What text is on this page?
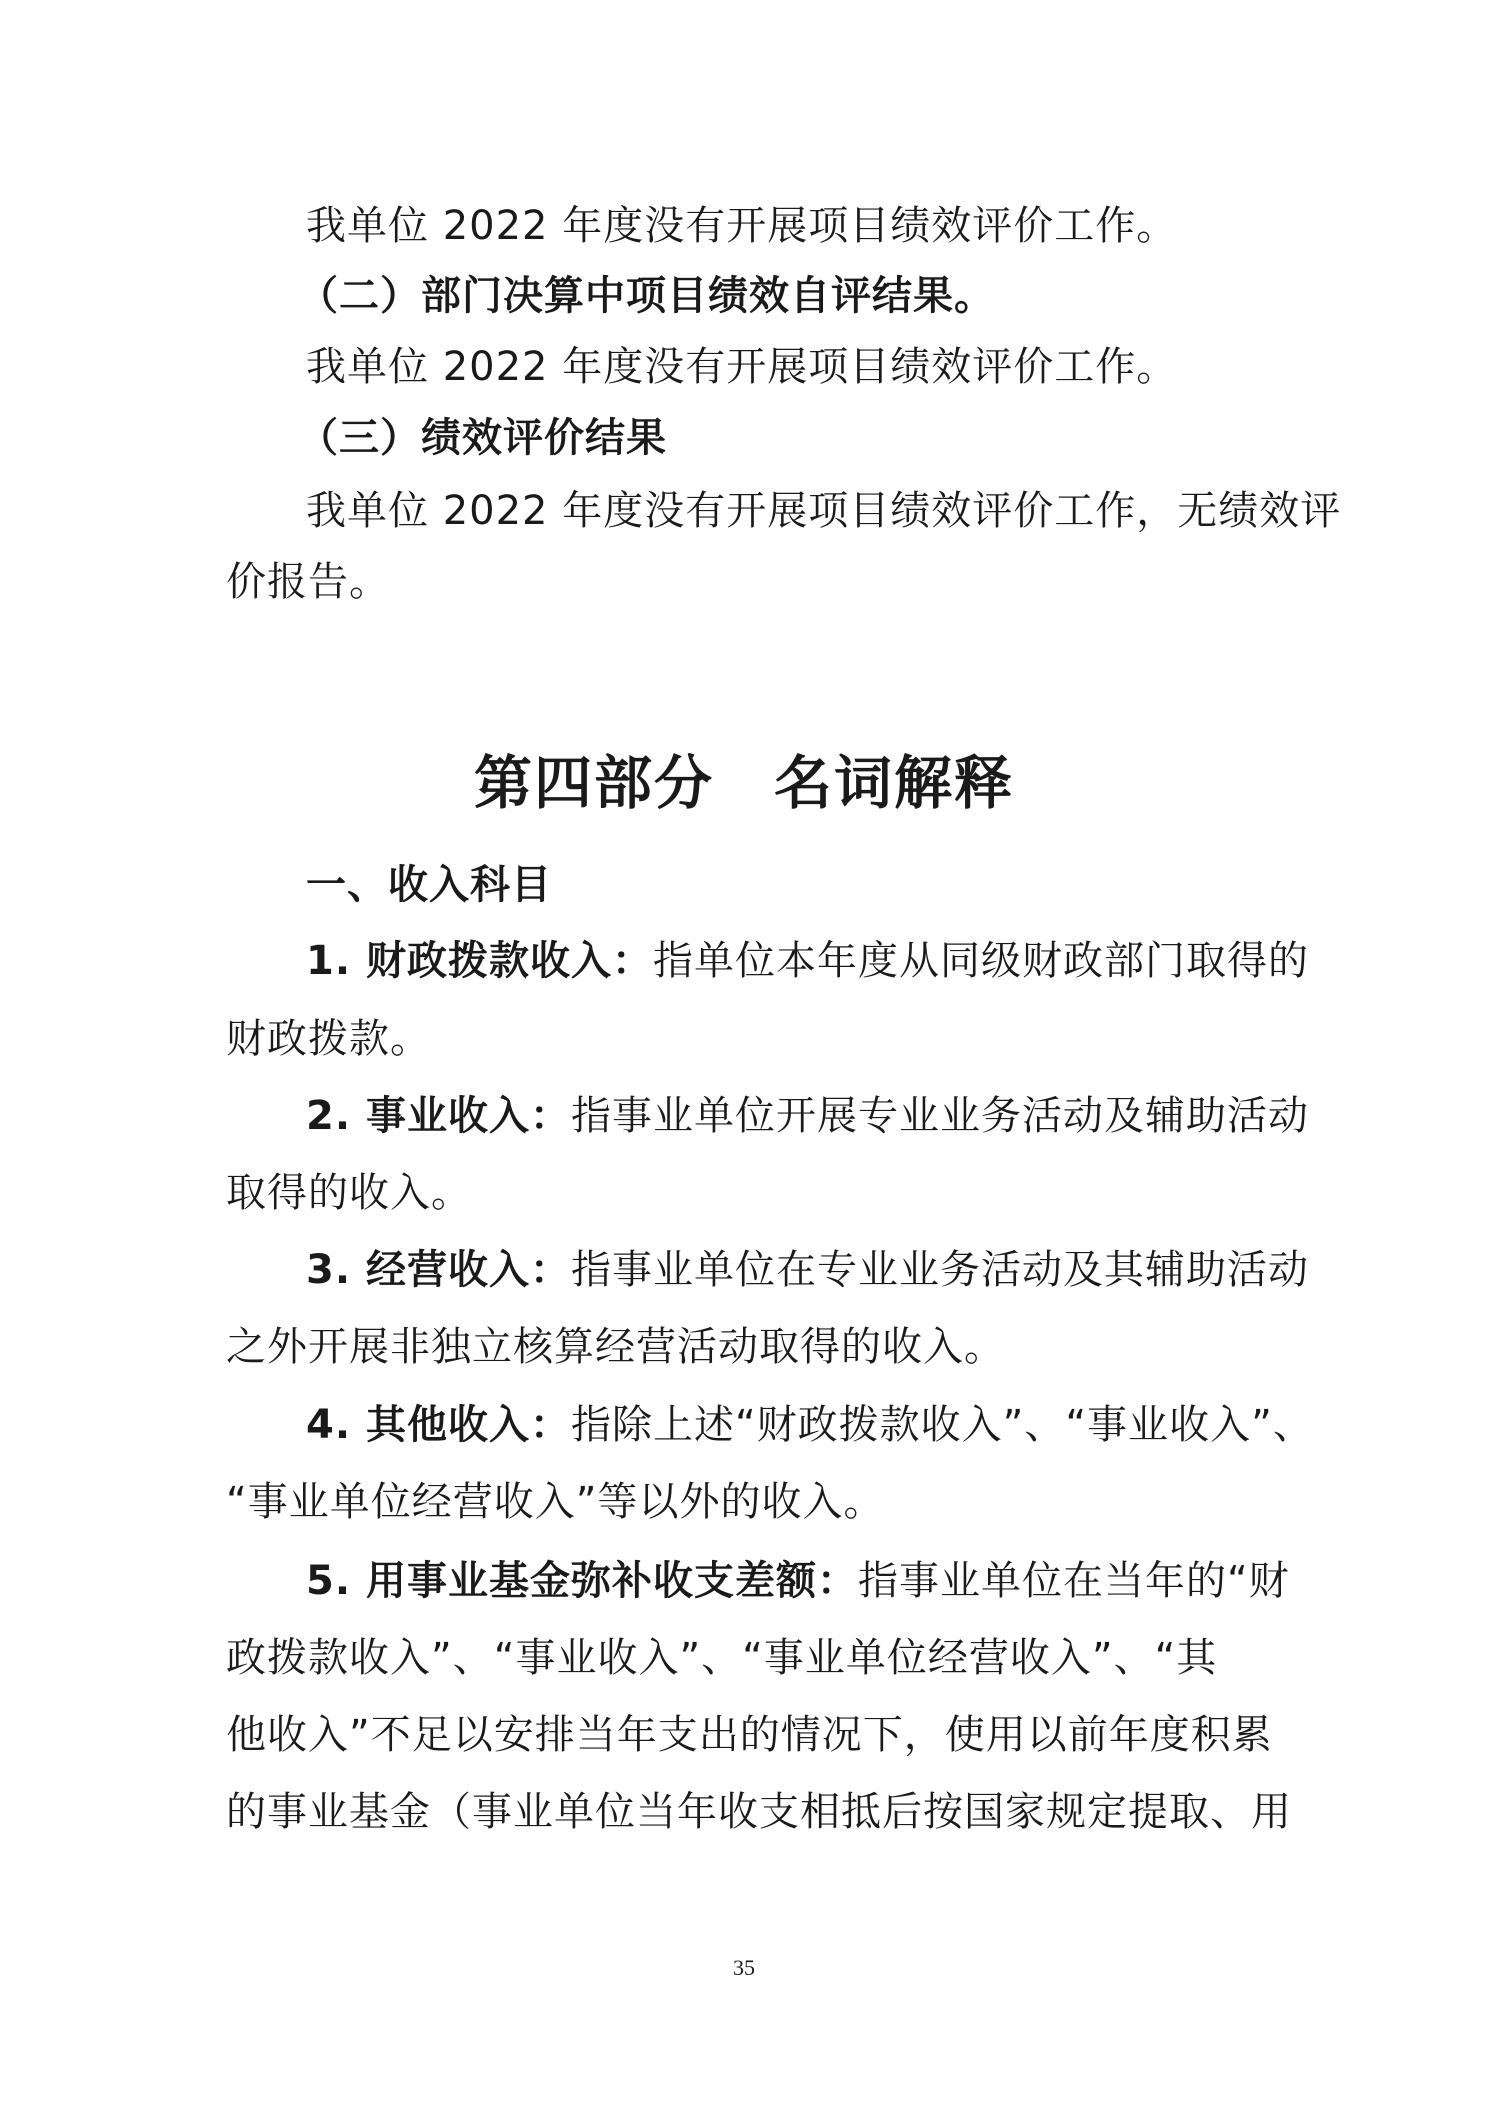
我单位 2022 年度没有开展项目绩效评价工作。
（二）部门决算中项目绩效自评结果。
我单位 2022 年度没有开展项目绩效评价工作。
（三）绩效评价结果
我单位 2022 年度没有开展项目绩效评价工作，无绩效评
价报告。
第四部分　名词解释
一、收入科目
1. 财政拨款收入：指单位本年度从同级财政部门取得的
财政拨款。
2. 事业收入：指事业单位开展专业业务活动及辅助活动
取得的收入。
3. 经营收入：指事业单位在专业业务活动及其辅助活动
之外开展非独立核算经营活动取得的收入。
4. 其他收入：指除上述“财政拨款收入”、“事业收入”、
“事业单位经营收入”等以外的收入。
5. 用事业基金弥补收支差额：指事业单位在当年的“财
政拨款收入”、“事业收入”、“事业单位经营收入”、“其
他收入”不足以安排当年支出的情况下，使用以前年度积累
的事业基金（事业单位当年收支相抵后按国家规定提取、用
35
